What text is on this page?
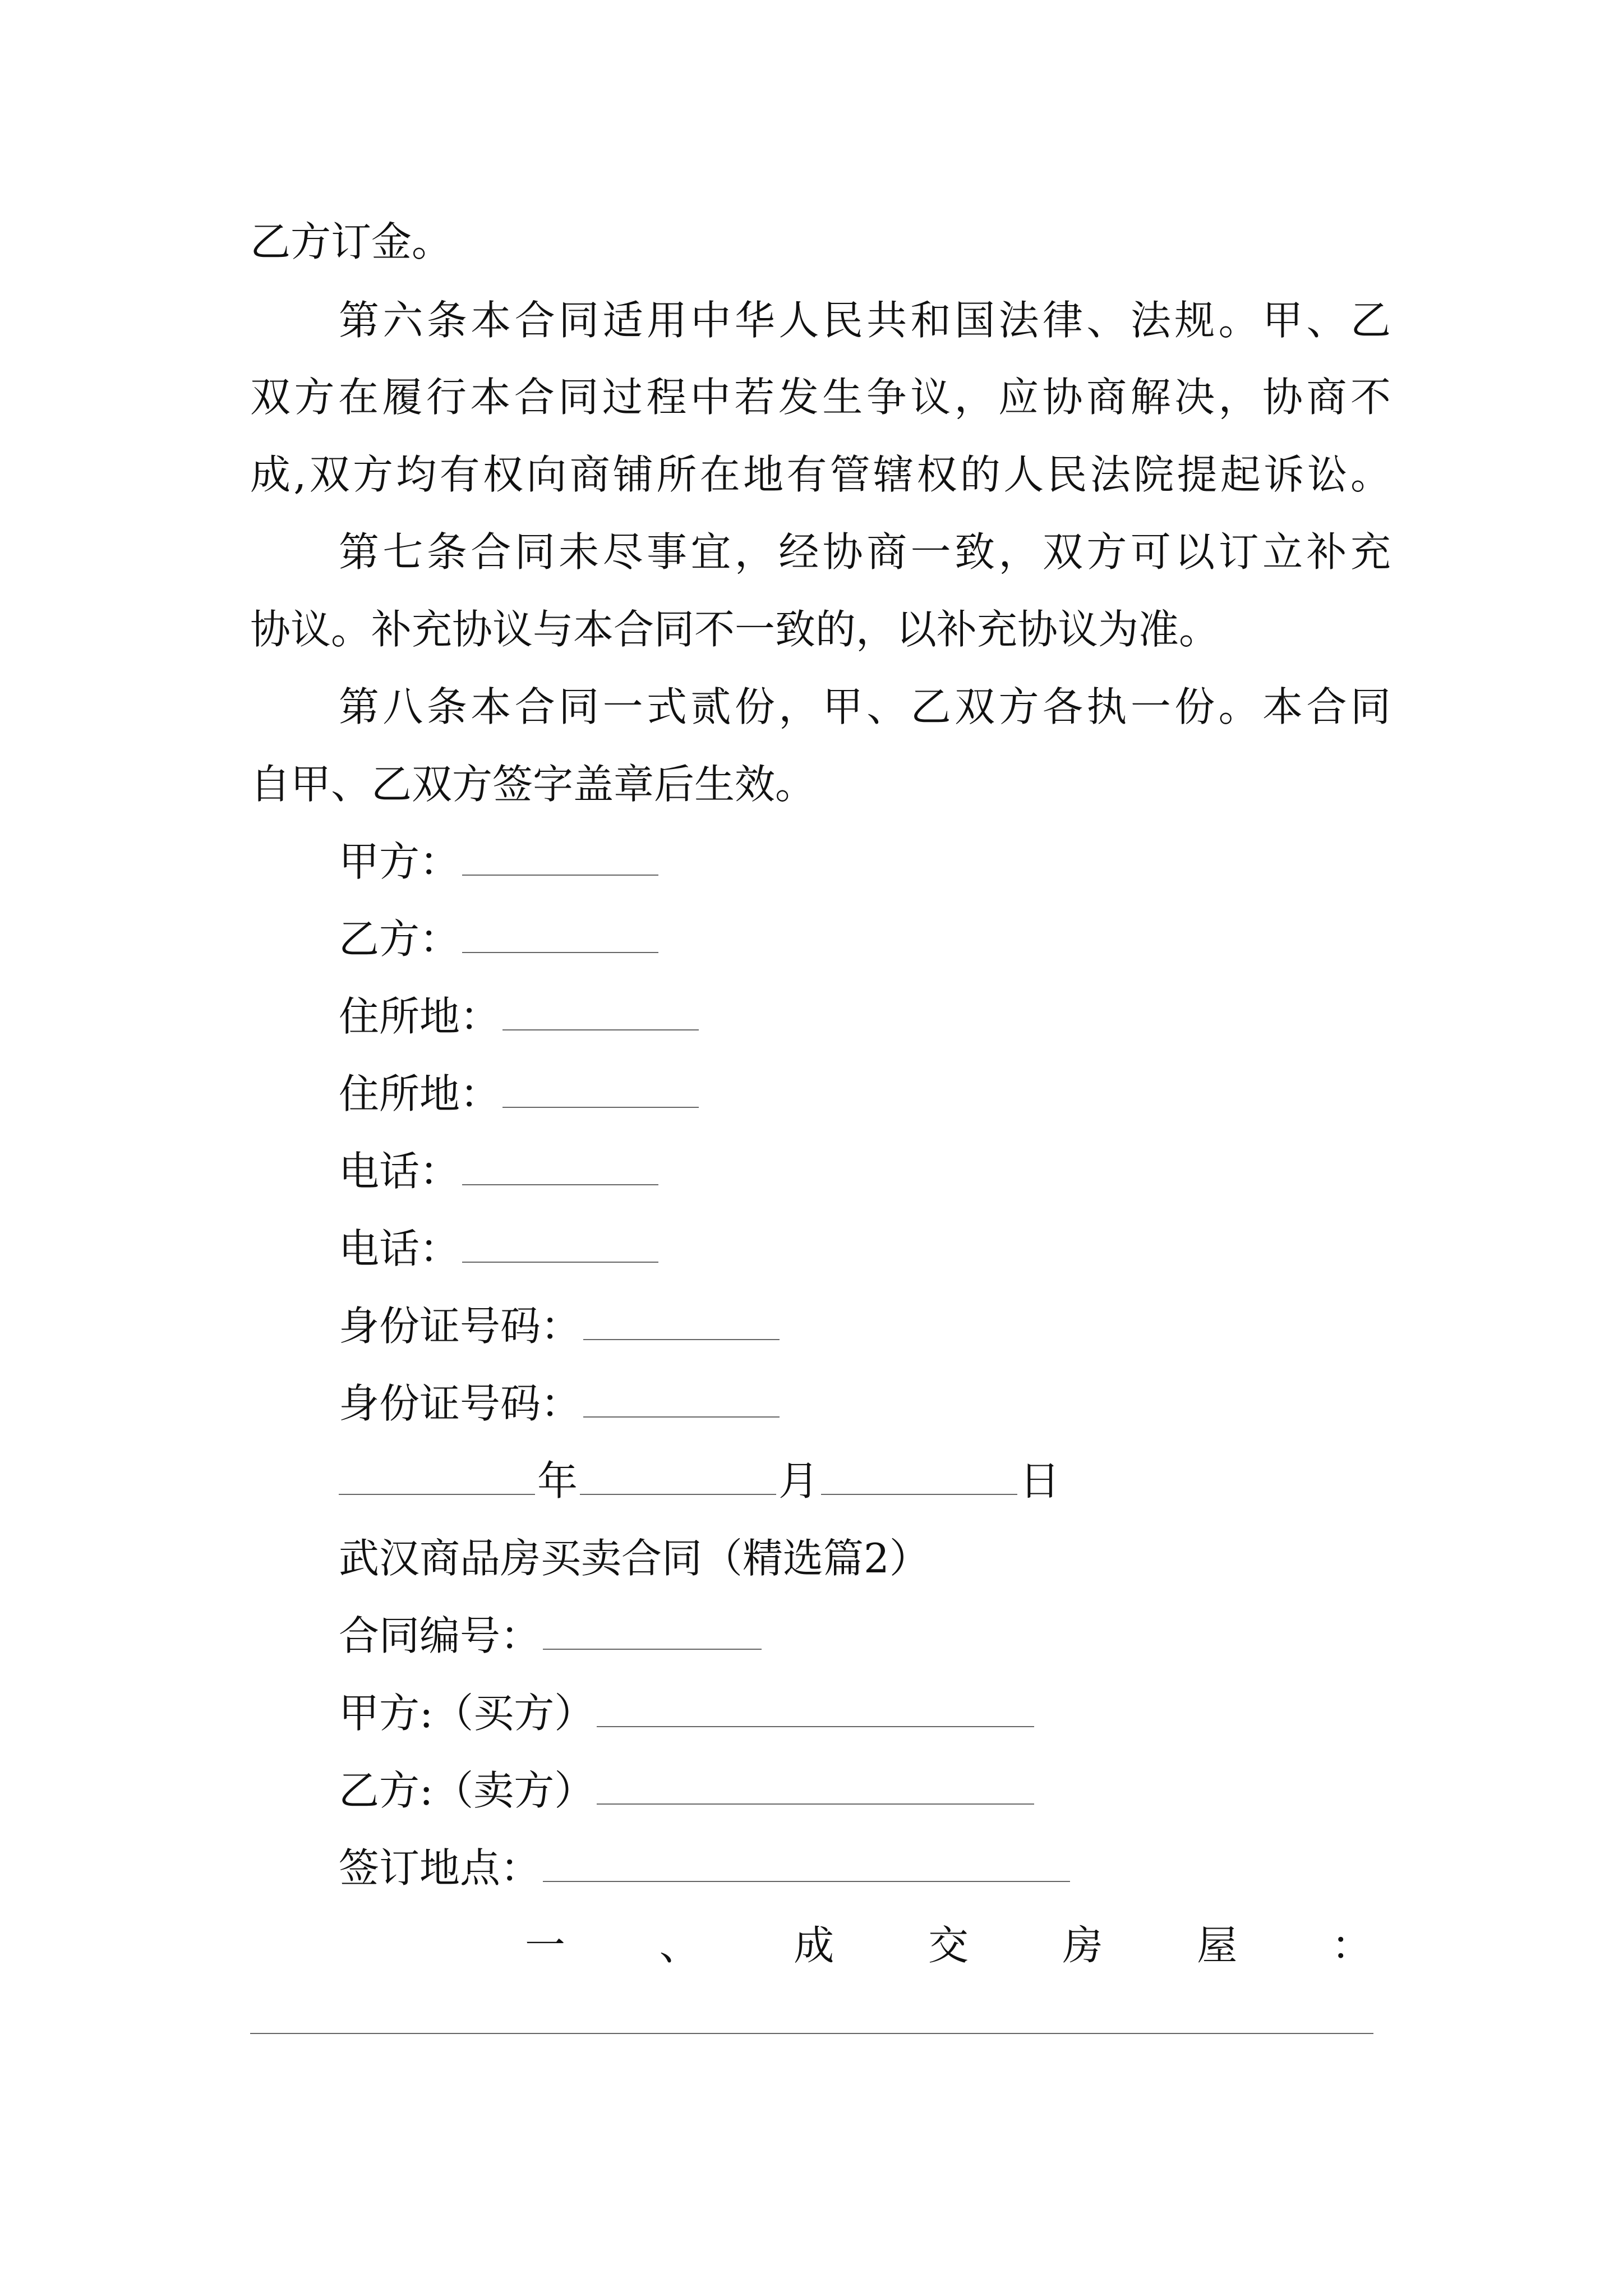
乙方订金。
第六条本合同适用中华人民共和国法律、法规。甲、乙
双方在履行本合同过程中若发生争议，应协商解决，协商不
成,双方均有权向商铺所在地有管辖权的人民法院提起诉讼。
第七条合同未尽事宜，经协商一致，双方可以订立补充
协议。补充协议与本合同不一致的，以补充协议为准。
第八条本合同一式贰份，甲、乙双方各执一份。本合同
自甲、乙双方签字盖章后生效。
甲方：
乙方：
住所地：
住所地：
电话：
电话：
身份证号码：
身份证号码：
年	月	日
武汉商品房买卖合同（精选篇2）
合同编号：
甲方:（买方）
乙方:（卖方）
签订地点：
一 、 成 交 房 屋 ：
